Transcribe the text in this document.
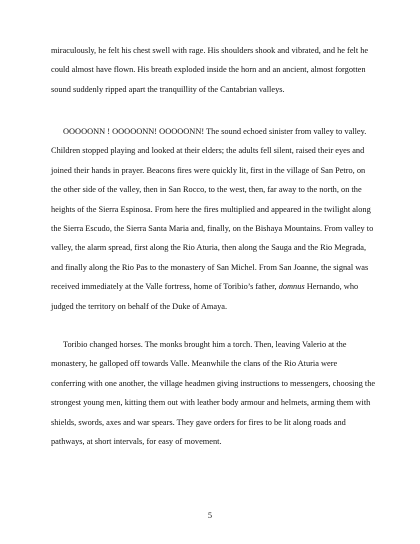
miraculously, he felt his chest swell with rage. His shoulders shook and vibrated, and he felt he
could almost have flown. His breath exploded inside the horn and an ancient, almost forgotten
sound suddenly ripped apart the tranquillity of the Cantabrian valleys.
OOOOONN ! OOOOONN! OOOOONN! The sound echoed sinister from valley to valley.
Children stopped playing and looked at their elders; the adults fell silent, raised their eyes and
joined their hands in prayer. Beacons fires were quickly lit, first in the village of San Petro, on
the other side of the valley, then in San Rocco, to the west, then, far away to the north, on the
heights of the Sierra Espinosa. From here the fires multiplied and appeared in the twilight along
the Sierra Escudo, the Sierra Santa Maria and, finally, on the Bishaya Mountains. From valley to
valley, the alarm spread, first along the Rio Aturia, then along the Sauga and the Rio Megrada,
and finally along the Rio Pas to the monastery of San Michel. From San Joanne, the signal was
received immediately at the Valle fortress, home of Toribio’s father, domnus Hernando, who
judged the territory on behalf of the Duke of Amaya.
Toribio changed horses. The monks brought him a torch. Then, leaving Valerio at the
monastery, he galloped off towards Valle. Meanwhile the clans of the Rio Aturia were
conferring with one another, the village headmen giving instructions to messengers, choosing the
strongest young men, kitting them out with leather body armour and helmets, arming them with
shields, swords, axes and war spears. They gave orders for fires to be lit along roads and
pathways, at short intervals, for easy of movement.
5
